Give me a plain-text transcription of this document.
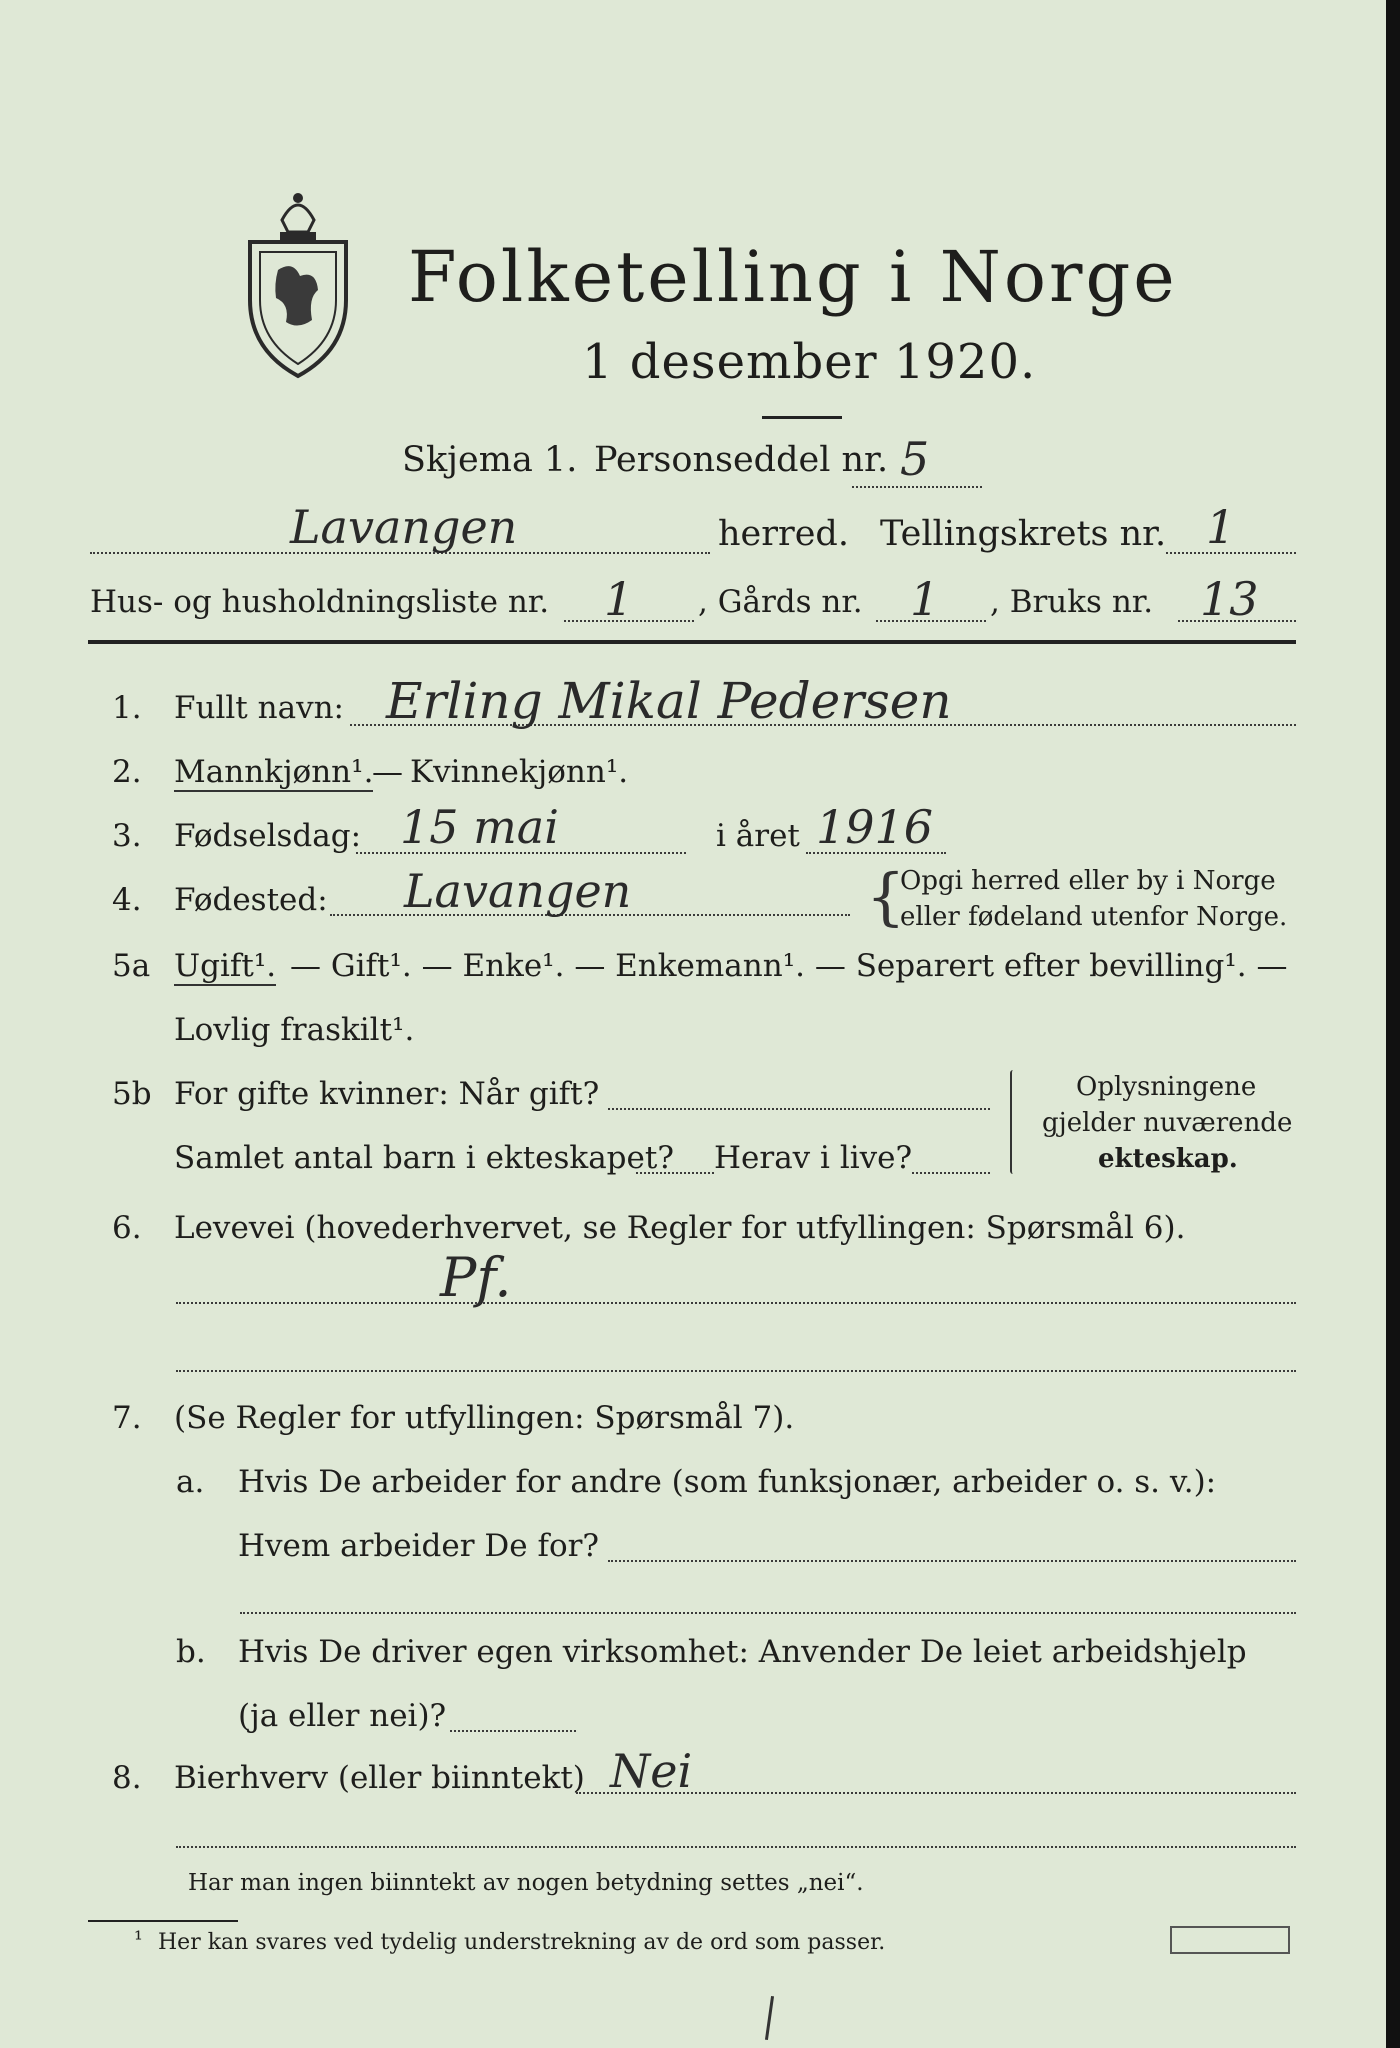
Folketelling i Norge
1 desember 1920.
Skjema 1. Personseddel nr. 5
Lavangen	herred. Tellingskrets nr. 1
Hus- og husholdningsliste nr. 1 , Gårds nr. 1 , Bruks nr. 13
1. Fullt navn: Erling Mikal Pedersen
2. Mannkjønn¹.
— Kvinnekjønn¹.
3. Fødselsdag: 15 mai	i året 1916
4. Fødested: Lavangen	{
Opgi herred eller by i Norge
eller fødeland utenfor Norge.
5a Ugift¹. — Gift¹. — Enke¹. — Enkemann¹. — Separert efter bevilling¹. —
Lovlig fraskilt¹.
5b For gifte kvinner: Når gift?
Samlet antal barn i ekteskapet? Herav i live?
Oplysningene
gjelder nuværende
ekteskap.
6. Levevei (hovederhvervet, se Regler for utfyllingen: Spørsmål 6).
Pf.
7. (Se Regler for utfyllingen: Spørsmål 7).
a. Hvis De arbeider for andre (som funksjonær, arbeider o. s. v.):
Hvem arbeider De for?
b. Hvis De driver egen virksomhet: Anvender De leiet arbeidshjelp
(ja eller nei)?
8. Bierhverv (eller biinntekt) Nei
Har man ingen biinntekt av nogen betydning settes „nei“.
¹ Her kan svares ved tydelig understrekning av de ord som passer.
